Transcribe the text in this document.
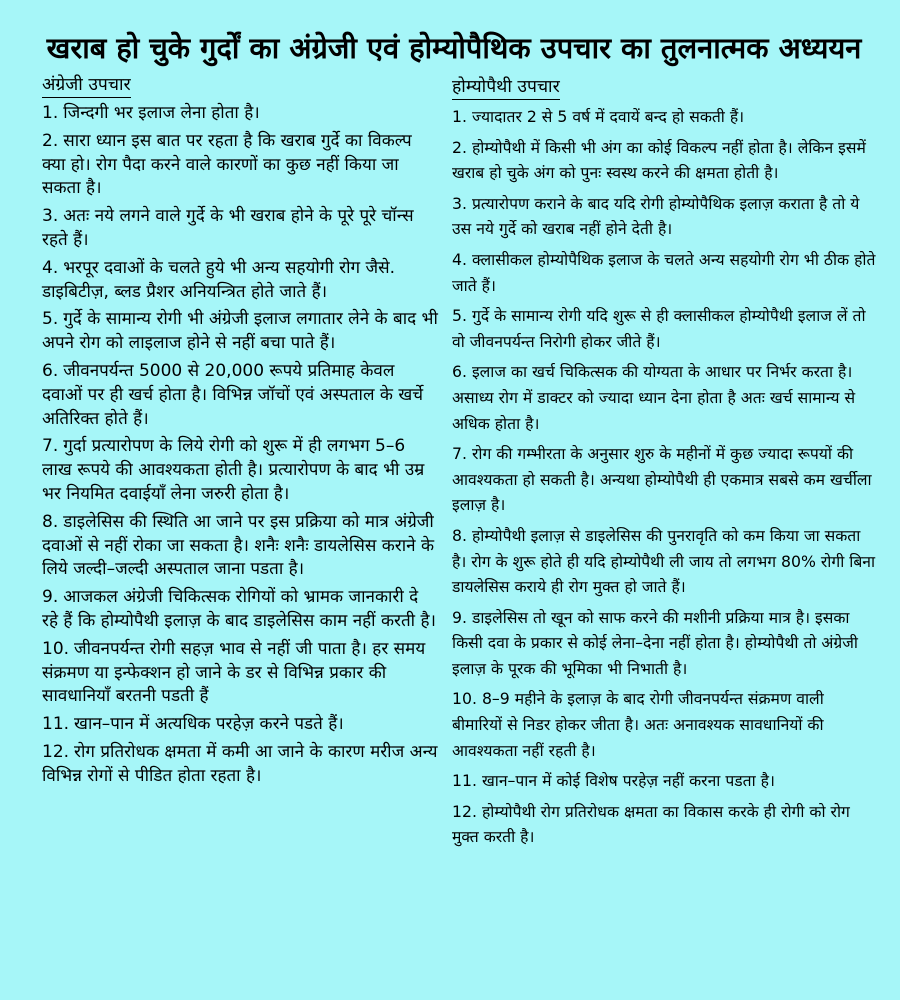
खराब हो चुके गुर्दों का अंग्रेजी एवं होम्योपैथिक उपचार का तुलनात्मक अध्ययन
अंग्रेजी उपचार
1. जिन्दगी भर इलाज लेना होता है।
2. सारा ध्यान इस बात पर रहता है कि खराब गुर्दे का विकल्प क्या हो। रोग पैदा करने वाले कारणों का कुछ नहीं किया जा सकता है।
3. अतः नये लगने वाले गुर्दे के भी खराब होने के पूरे पूरे चॉन्स रहते हैं।
4. भरपूर दवाओं के चलते हुये भी अन्य सहयोगी रोग जैसे. डाइबिटीज़, ब्लड प्रैशर अनियन्त्रित होते जाते हैं।
5. गुर्दे के सामान्य रोगी भी अंग्रेजी इलाज लगातार लेने के बाद भी अपने रोग को लाइलाज होने से नहीं बचा पाते हैं।
6. जीवनपर्यन्त 5000 से 20,000 रूपये प्रतिमाह केवल दवाओं पर ही खर्च होता है। विभिन्न जॉचों एवं अस्पताल के खर्चे अतिरिक्त होते हैं।
7. गुर्दा प्रत्यारोपण के लिये रोगी को शुरू में ही लगभग 5–6 लाख रूपये की आवश्यकता होती है। प्रत्यारोपण के बाद भी उम्र भर नियमित दवाईयॉं लेना जरुरी होता है।
8. डाइलेसिस की स्थिति आ जाने पर इस प्रक्रिया को मात्र अंग्रेजी दवाओं से नहीं रोका जा सकता है। शनैः शनैः डायलेसिस कराने के लिये जल्दी–जल्दी अस्पताल जाना पडता है।
9. आजकल अंग्रेजी चिकित्सक रोगियों को भ्रामक जानकारी दे रहे हैं कि होम्योपैथी इलाज़ के बाद डाइलेसिस काम नहीं करती है।
10. जीवनपर्यन्त रोगी सहज़ भाव से नहीं जी पाता है। हर समय संक्रमण या इन्फेक्शन हो जाने के डर से विभिन्न प्रकार की सावधानियॉं बरतनी पडती हैं
11. खान–पान में अत्यधिक परहेज़ करने पडते हैं।
12. रोग प्रतिरोधक क्षमता में कमी आ जाने के कारण मरीज अन्य विभिन्न रोगों से पीडित होता रहता है।
होम्योपैथी उपचार
1. ज्यादातर 2 से 5 वर्ष में दवायें बन्द हो सकती हैं।
2. होम्योपैथी में किसी भी अंग का कोई विकल्प नहीं होता है। लेकिन इसमें खराब हो चुके अंग को पुनः स्वस्थ करने की क्षमता होती है।
3. प्रत्यारोपण कराने के बाद यदि रोगी होम्योपैथिक इलाज़ कराता है तो ये उस नये गुर्दे को खराब नहीं होने देती है।
4. क्लासीकल होम्योपैथिक इलाज के चलते अन्य सहयोगी रोग भी ठीक होते जाते हैं।
5. गुर्दे के सामान्य रोगी यदि शुरू से ही क्लासीकल होम्योपैथी इलाज लें तो वो जीवनपर्यन्त निरोगी होकर जीते हैं।
6. इलाज का खर्च चिकित्सक की योग्यता के आधार पर निर्भर करता है। असाध्य रोग में डाक्टर को ज्यादा ध्यान देना होता है अतः खर्च सामान्य से अधिक होता है।
7. रोग की गम्भीरता के अनुसार शुरु के महीनों में कुछ ज्यादा रूपयों की आवश्यकता हो सकती है। अन्यथा होम्योपैथी ही एकमात्र सबसे कम खर्चीला इलाज़ है।
8. होम्योपैथी इलाज़ से डाइलेसिस की पुनरावृति को कम किया जा सकता है। रोग के शुरू होते ही यदि होम्योपैथी ली जाय तो लगभग 80% रोगी बिना डायलेसिस कराये ही रोग मुक्त हो जाते हैं।
9. डाइलेसिस तो खून को साफ करने की मशीनी प्रक्रिया मात्र है। इसका किसी दवा के प्रकार से कोई लेना–देना नहीं होता है। होम्योपैथी तो अंग्रेजी इलाज़ के पूरक की भूमिका भी निभाती है।
10. 8–9 महीने के इलाज़ के बाद रोगी जीवनपर्यन्त संक्रमण वाली बीमारियों से निडर होकर जीता है। अतः अनावश्यक सावधानियों की आवश्यकता नहीं रहती है।
11. खान–पान में कोई विशेष परहेज़ नहीं करना पडता है।
12. होम्योपैथी रोग प्रतिरोधक क्षमता का विकास करके ही रोगी को रोग मुक्त करती है।
